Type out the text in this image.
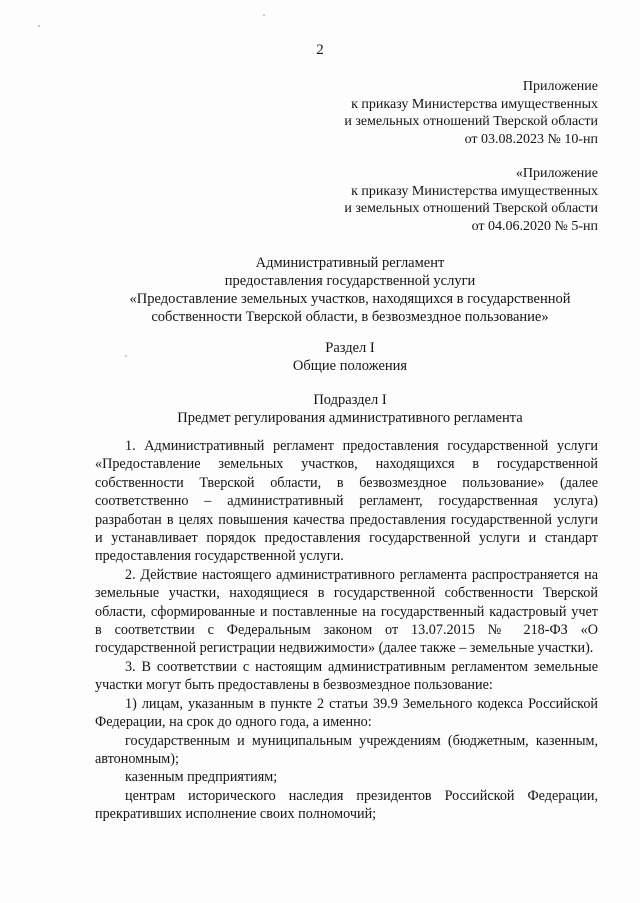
2
Приложение
к приказу Министерства имущественных
и земельных отношений Тверской области
от 03.08.2023 № 10-нп
«Приложение
к приказу Министерства имущественных
и земельных отношений Тверской области
от 04.06.2020 № 5-нп
Административный регламент
предоставления государственной услуги
«Предоставление земельных участков, находящихся в государственной
собственности Тверской области, в безвозмездное пользование»
Раздел I
Общие положения
Подраздел I
Предмет регулирования административного регламента

1. Административный регламент предоставления государственной услуги «Предоставление земельных участков, находящихся в государственной собственности Тверской области, в безвозмездное пользование» (далее соответственно – административный регламент, государственная услуга) разработан в целях повышения качества предоставления государственной услуги и устанавливает порядок предоставления государственной услуги и стандарт предоставления государственной услуги.

2. Действие настоящего административного регламента распространяется на земельные участки, находящиеся в государственной собственности Тверской области, сформированные и поставленные на государственный кадастровый учет в соответствии с Федеральным законом от 13.07.2015 № 218-ФЗ «О государственной регистрации недвижимости» (далее также – земельные участки).

3. В соответствии с настоящим административным регламентом земельные участки могут быть предоставлены в безвозмездное пользование:

1) лицам, указанным в пункте 2 статьи 39.9 Земельного кодекса Российской Федерации, на срок до одного года, а именно:

государственным и муниципальным учреждениям (бюджетным, казенным, автономным);

казенным предприятиям;

центрам исторического наследия президентов Российской Федерации, прекративших исполнение своих полномочий;
